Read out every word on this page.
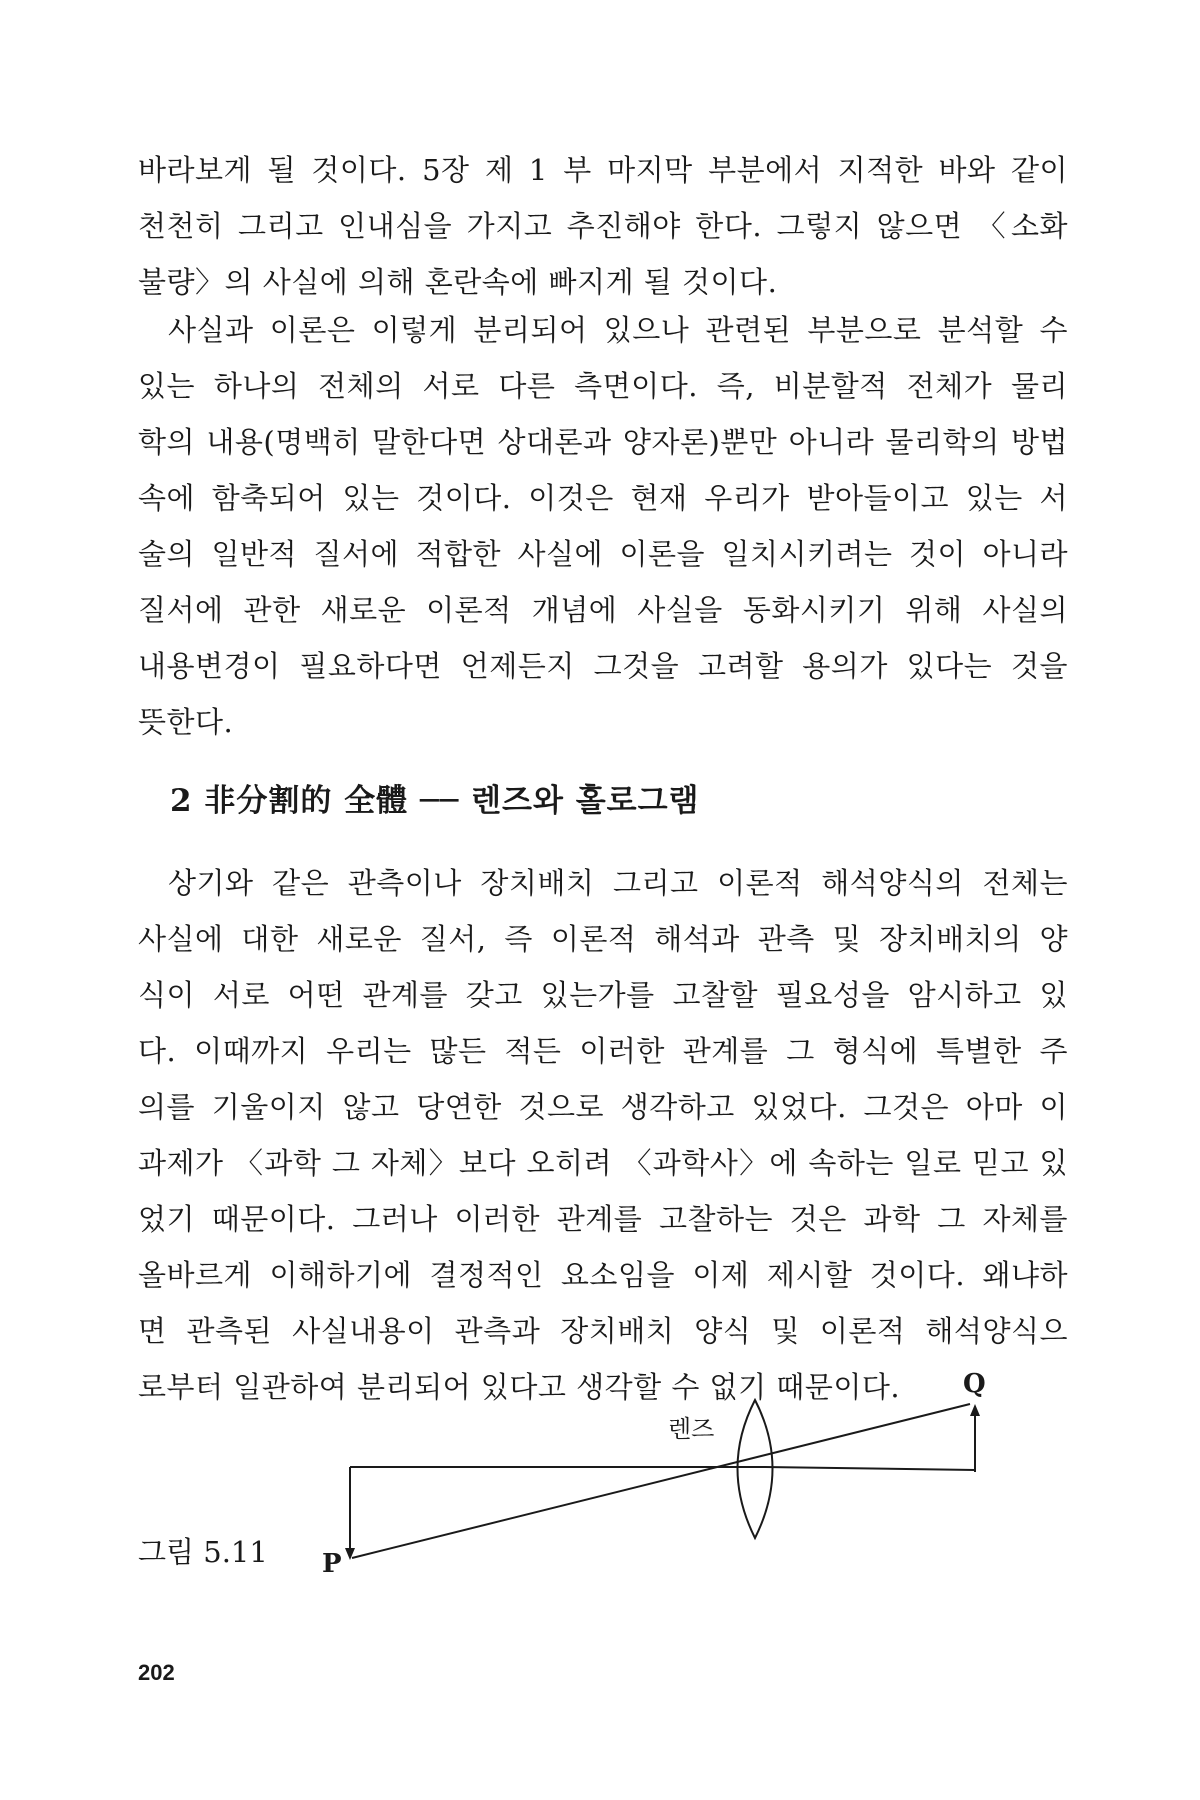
바라보게 될 것이다. 5장 제 1 부 마지막 부분에서 지적한 바와 같이
천천히 그리고 인내심을 가지고 추진해야 한다. 그렇지 않으면 〈소화
불량〉의 사실에 의해 혼란속에 빠지게 될 것이다.
사실과 이론은 이렇게 분리되어 있으나 관련된 부분으로 분석할 수
있는 하나의 전체의 서로 다른 측면이다. 즉, 비분할적 전체가 물리
학의 내용(명백히 말한다면 상대론과 양자론)뿐만 아니라 물리학의 방법
속에 함축되어 있는 것이다. 이것은 현재 우리가 받아들이고 있는 서
술의 일반적 질서에 적합한 사실에 이론을 일치시키려는 것이 아니라
질서에 관한 새로운 이론적 개념에 사실을 동화시키기 위해 사실의
내용변경이 필요하다면 언제든지 그것을 고려할 용의가 있다는 것을
뜻한다.
2 非分割的 全體 ── 렌즈와 홀로그램
상기와 같은 관측이나 장치배치 그리고 이론적 해석양식의 전체는
사실에 대한 새로운 질서, 즉 이론적 해석과 관측 및 장치배치의 양
식이 서로 어떤 관계를 갖고 있는가를 고찰할 필요성을 암시하고 있
다. 이때까지 우리는 많든 적든 이러한 관계를 그 형식에 특별한 주
의를 기울이지 않고 당연한 것으로 생각하고 있었다. 그것은 아마 이
과제가 〈과학 그 자체〉보다 오히려 〈과학사〉에 속하는 일로 믿고 있
었기 때문이다. 그러나 이러한 관계를 고찰하는 것은 과학 그 자체를
올바르게 이해하기에 결정적인 요소임을 이제 제시할 것이다. 왜냐하
면 관측된 사실내용이 관측과 장치배치 양식 및 이론적 해석양식으
로부터 일관하여 분리되어 있다고 생각할 수 없기 때문이다.
렌즈
Q
P
그림 5.11
202
